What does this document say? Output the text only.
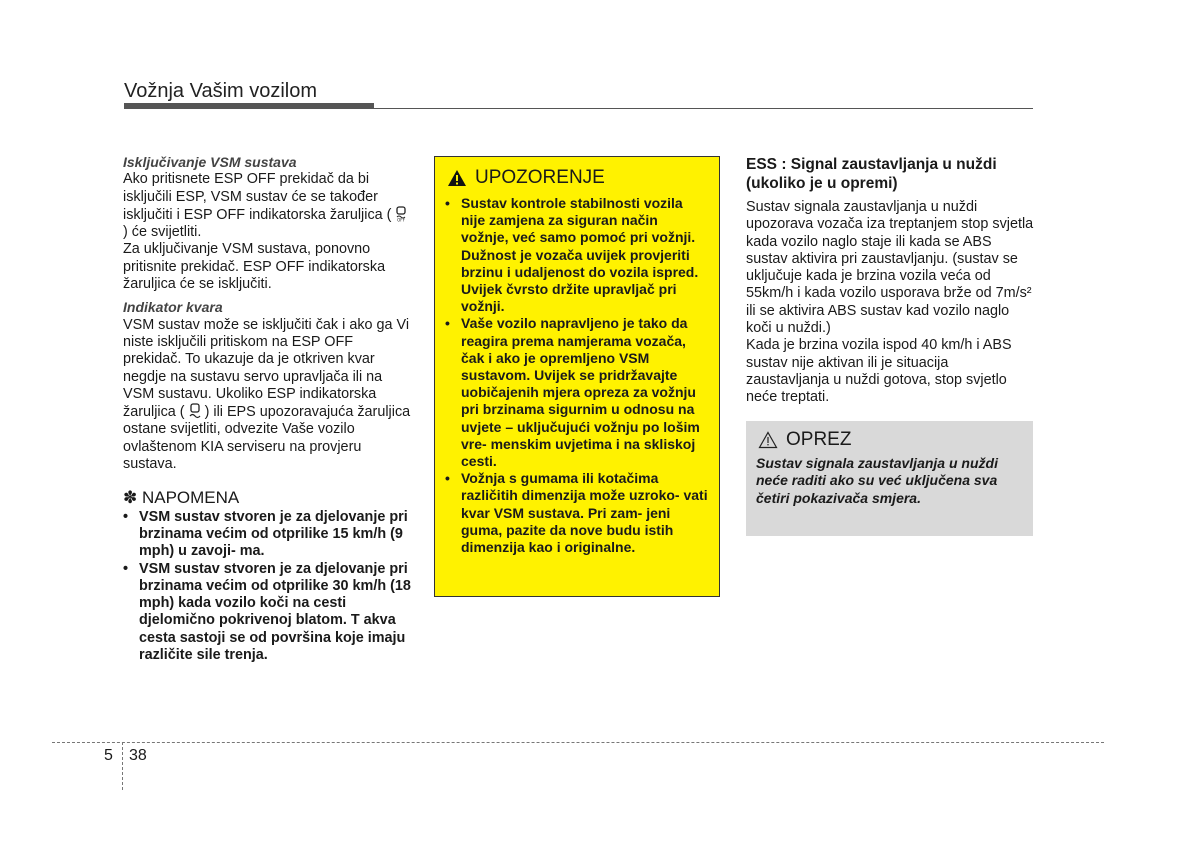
Vožnja Vašim vozilom
Isključivanje VSM sustava

Ako pritisnete ESP OFF prekidač da bi isključili ESP, VSM sustav će se također isključiti i ESP OFF indikatorska žaruljica ( OFF
) će svijetliti.

Za uključivanje VSM sustava, ponovno pritisnite prekidač. ESP OFF indikatorska žaruljica će se isključiti.

Indikator kvara

VSM sustav može se isključiti čak i ako ga Vi niste isključili pritiskom na ESP OFF prekidač. To ukazuje da je otkriven kvar negdje na sustavu servo upravljača ili na VSM sustavu. Ukoliko ESP indikatorska žaruljica ( ) ili EPS upozoravajuća žaruljica ostane svijetliti, odvezite Vaše vozilo ovlaštenom KIA serviseru na provjeru sustava.

✽ NAPOMENA
• VSM sustav stvoren je za djelovanje pri brzinama većim od otprilike 15 km/h (9 mph) u zavoji- ma.
• VSM sustav stvoren je za djelovanje pri brzinama većim od otprilike 30 km/h (18 mph) kada vozilo koči na cesti djelomično pokrivenoj blatom. T akva cesta sastoji se od površina koje imaju različite sile trenja.
UPOZORENJE
• Sustav kontrole stabilnosti vozila nije zamjena za siguran način vožnje, već samo pomoć pri vožnji. Dužnost je vozača uvijek provjeriti brzinu i udaljenost do vozila ispred. Uvijek čvrsto držite upravljač pri vožnji.
• Vaše vozilo napravljeno je tako da reagira prema namjerama vozača, čak i ako je opremljeno VSM sustavom. Uvijek se pridržavajte uobičajenih mjera opreza za vožnju pri brzinama sigurnim u odnosu na uvjete – uključujući vožnju po lošim vre- menskim uvjetima i na skliskoj cesti.
• Vožnja s gumama ili kotačima različitih dimenzija može uzroko- vati kvar VSM sustava. Pri zam- jeni guma, pazite da nove budu istih dimenzija kao i originalne.
ESS : Signal zaustavljanja u nuždi (ukoliko je u opremi)

Sustav signala zaustavljanja u nuždi upozorava vozača iza treptanjem stop svjetla kada vozilo naglo staje ili kada se ABS sustav aktivira pri zaustavljanju. (sustav se uključuje kada je brzina vozila veća od 55km/h i kada vozilo usporava brže od 7m/s² ili se aktivira ABS sustav kad vozilo naglo koči u nuždi.)

Kada je brzina vozila ispod 40 km/h i ABS sustav nije aktivan ili je situacija zaustavljanja u nuždi gotova, stop svjetlo neće treptati.

OPREZ
Sustav signala zaustavljanja u nuždi neće raditi ako su već uključena sva četiri pokazivača smjera.
5 38
